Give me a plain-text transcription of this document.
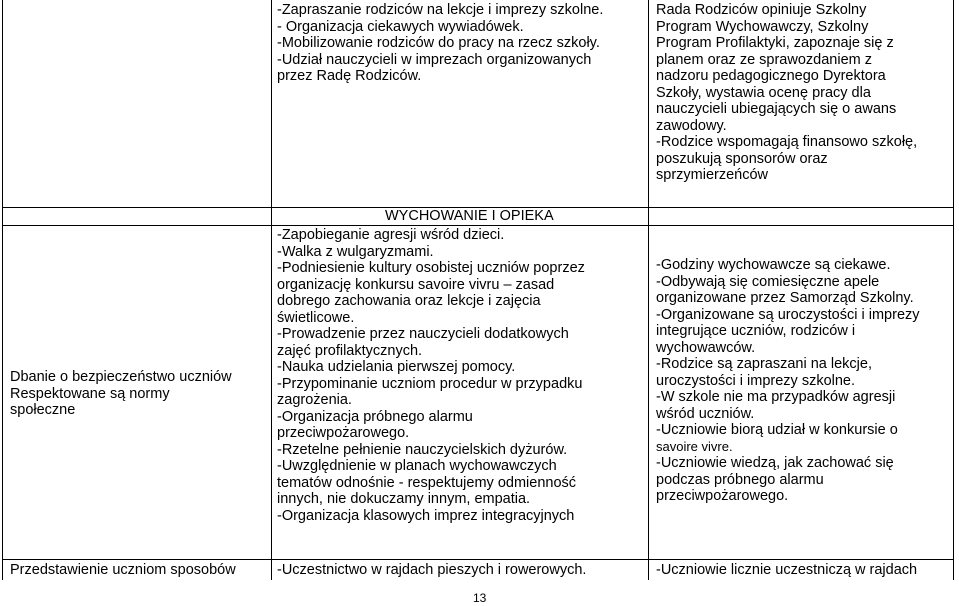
-Zapraszanie rodziców na lekcje i imprezy szkolne.
- Organizacja ciekawych wywiadówek.
-Mobilizowanie rodziców do pracy na rzecz szkoły.
-Udział nauczycieli w imprezach organizowanych
przez Radę Rodziców.
Rada Rodziców opiniuje Szkolny
Program Wychowawczy, Szkolny
Program Profilaktyki, zapoznaje się z
planem oraz ze sprawozdaniem z
nadzoru pedagogicznego Dyrektora
Szkoły, wystawia ocenę pracy dla
nauczycieli ubiegających się o awans
zawodowy.
-Rodzice wspomagają finansowo szkołę,
poszukują sponsorów oraz
sprzymierzeńców
WYCHOWANIE I OPIEKA
Dbanie o bezpieczeństwo uczniów
Respektowane są normy
społeczne
-Zapobieganie agresji wśród dzieci.
-Walka z wulgaryzmami.
-Podniesienie kultury osobistej uczniów poprzez
organizację konkursu savoire vivru – zasad
dobrego zachowania oraz lekcje i zajęcia
świetlicowe.
-Prowadzenie przez nauczycieli dodatkowych
zajęć profilaktycznych.
-Nauka udzielania pierwszej pomocy.
-Przypominanie uczniom procedur w przypadku
zagrożenia.
-Organizacja próbnego alarmu
przeciwpożarowego.
-Rzetelne pełnienie nauczycielskich dyżurów.
-Uwzględnienie w planach wychowawczych
tematów odnośnie - respektujemy odmienność
innych, nie dokuczamy innym, empatia.
-Organizacja klasowych imprez integracyjnych
-Godziny wychowawcze są ciekawe.
-Odbywają się comiesięczne apele
organizowane przez Samorząd Szkolny.
-Organizowane są uroczystości i imprezy
integrujące uczniów, rodziców i
wychowawców.
-Rodzice są zapraszani na lekcje,
uroczystości i imprezy szkolne.
-W szkole nie ma przypadków agresji
wśród uczniów.
-Uczniowie biorą udział w konkursie o
savoire vivre.
-Uczniowie wiedzą, jak zachować się
podczas próbnego alarmu
przeciwpożarowego.
Przedstawienie uczniom sposobów	-Uczestnictwo w rajdach pieszych i rowerowych.	-Uczniowie licznie uczestniczą w rajdach
13
